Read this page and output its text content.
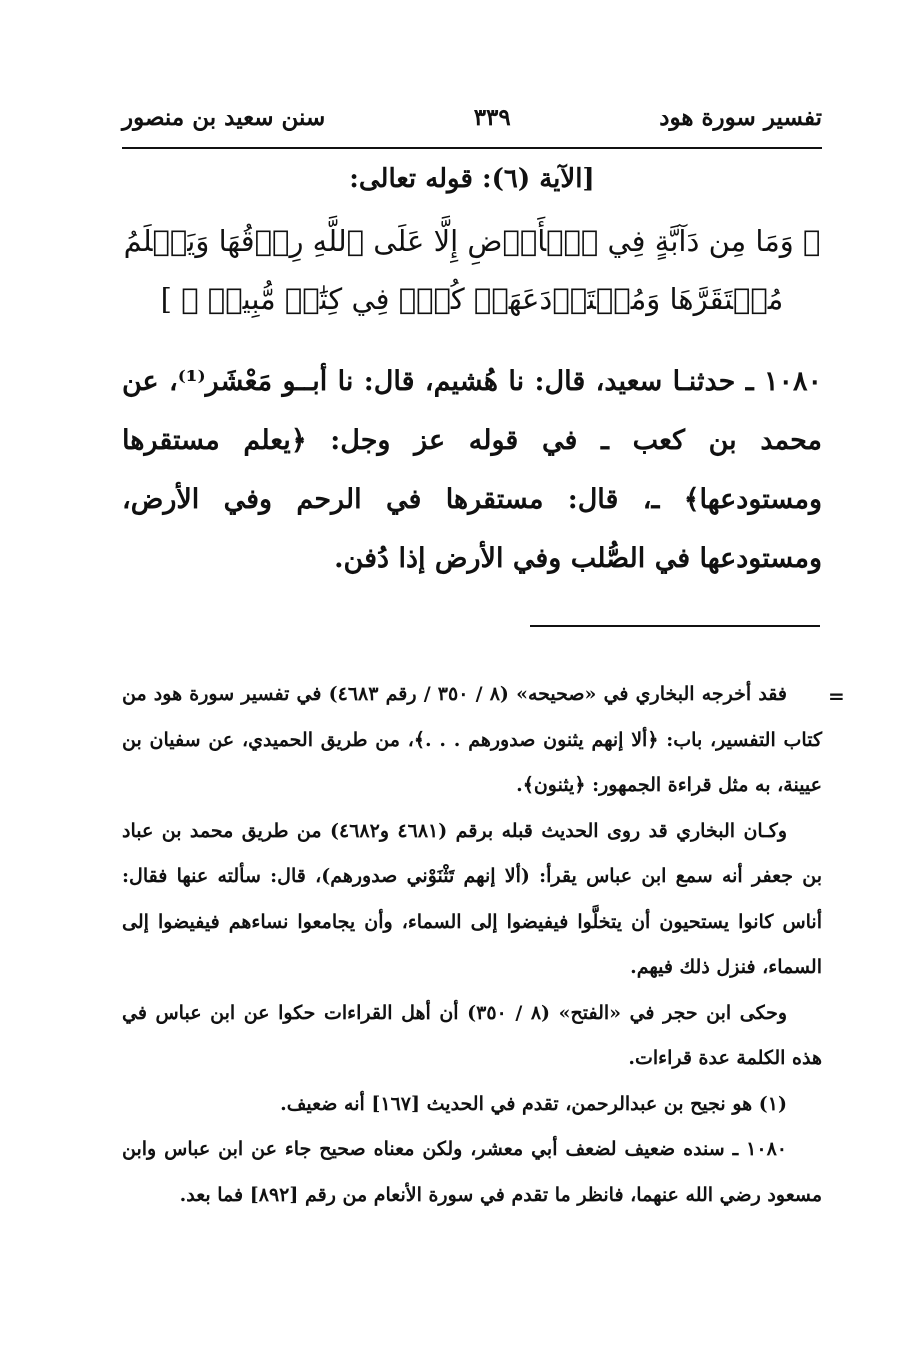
تفسير سورة هود
٣٣٩
سنن سعيد بن منصور
[الآية (٦): قوله تعالى:
﴿ وَمَا مِن دَآبَّةٍ فِي ٱلۡأَرۡضِ إِلَّا عَلَى ٱللَّهِ رِزۡقُهَا وَيَعۡلَمُ مُسۡتَقَرَّهَا وَمُسۡتَوۡدَعَهَاۚ كُلّٞ فِي كِتَٰبٖ مُّبِينٖ ﴾ ]

١٠٨٠ ـ حدثنـا سعيد، قال: نا هُشيم، قال: نا أبــو مَعْشَر⁽¹⁾، عن محمد بن كعب ـ في قوله عز وجل: ﴿يعلم مستقرها ومستودعها﴾ ـ، قال: مستقرها في الرحم وفي الأرض، ومستودعها في الصُّلب وفي الأرض إذا دُفن.

=

فقد أخرجه البخاري في «صحيحه» (٨ / ٣٥٠ / رقم ٤٦٨٣) في تفسير سورة هود من كتاب التفسير، باب: ﴿ألا إنهم يثنون صدورهم . . .﴾، من طريق الحميدي، عن سفيان بن عيينة، به مثل قراءة الجمهور: ﴿يثنون﴾.

وكـان البخاري قد روى الحديث قبله برقم (٤٦٨١ و٤٦٨٢) من طريق محمد بن عباد بن جعفر أنه سمع ابن عباس يقرأ: (ألا إنهم تَثْنَوْني صدورهم)، قال: سألته عنها فقال: أناس كانوا يستحيون أن يتخلَّوا فيفيضوا إلى السماء، وأن يجامعوا نساءهم فيفيضوا إلى السماء، فنزل ذلك فيهم.

وحكى ابن حجر في «الفتح» (٨ / ٣٥٠) أن أهل القراءات حكوا عن ابن عباس في هذه الكلمة عدة قراءات.

(١) هو نجيح بن عبدالرحمن، تقدم في الحديث [١٦٧] أنه ضعيف.

١٠٨٠ ـ سنده ضعيف لضعف أبي معشر، ولكن معناه صحيح جاء عن ابن عباس وابن مسعود رضي الله عنهما، فانظر ما تقدم في سورة الأنعام من رقم [٨٩٢] فما بعد.
